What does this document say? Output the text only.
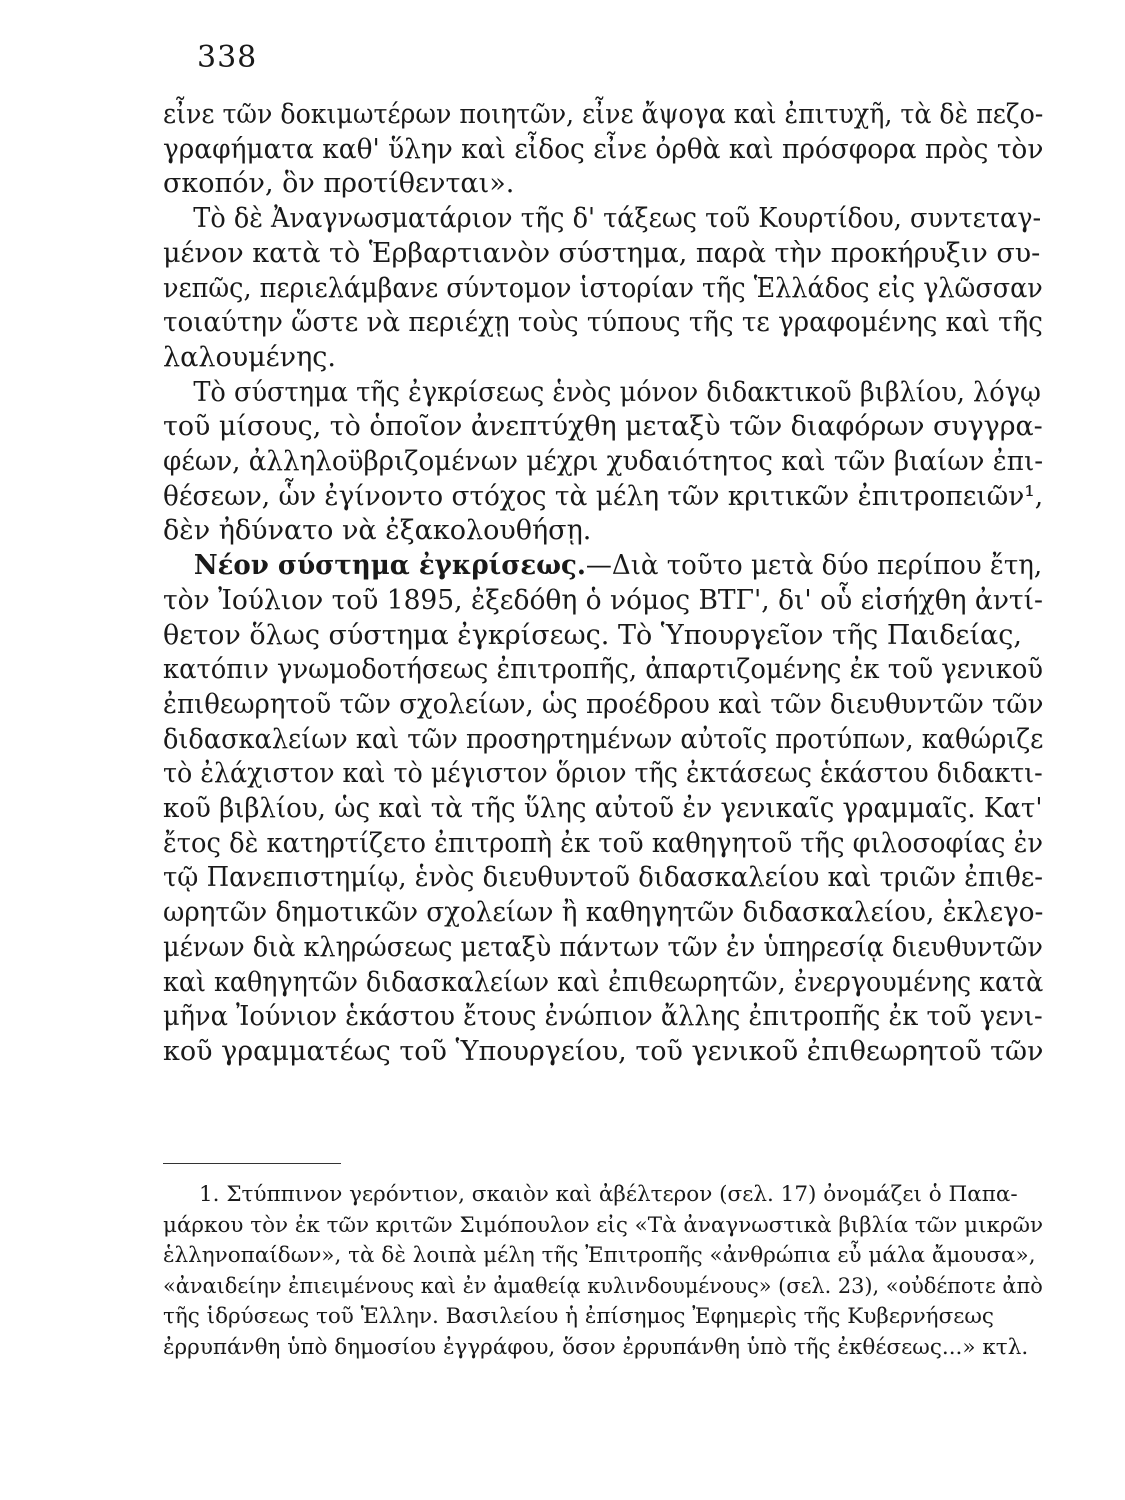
338
εἶνε τῶν δοκιμωτέρων ποιητῶν, εἶνε ἄψογα καὶ ἐπιτυχῆ, τὰ δὲ πεζο-
γραφήματα καθ' ὕλην καὶ εἶδος εἶνε ὀρθὰ καὶ πρόσφορα πρὸς τὸν
σκοπόν, ὃν προτίθενται».
Τὸ δὲ Ἀναγνωσματάριον τῆς δ' τάξεως τοῦ Κουρτίδου, συντεταγ-
μένον κατὰ τὸ Ἑρβαρτιανὸν σύστημα, παρὰ τὴν προκήρυξιν συ-
νεπῶς, περιελάμβανε σύντομον ἱστορίαν τῆς Ἑλλάδος εἰς γλῶσσαν
τοιαύτην ὥστε νὰ περιέχῃ τοὺς τύπους τῆς τε γραφομένης καὶ τῆς
λαλουμένης.
Τὸ σύστημα τῆς ἐγκρίσεως ἑνὸς μόνον διδακτικοῦ βιβλίου, λόγῳ
τοῦ μίσους, τὸ ὁποῖον ἀνεπτύχθη μεταξὺ τῶν διαφόρων συγγρα-
φέων, ἀλληλοϋβριζομένων μέχρι χυδαιότητος καὶ τῶν βιαίων ἐπι-
θέσεων, ὧν ἐγίνοντο στόχος τὰ μέλη τῶν κριτικῶν ἐπιτροπειῶν¹,
δὲν ἠδύνατο νὰ ἐξακολουθήσῃ.
Νέον σύστημα ἐγκρίσεως.—Διὰ τοῦτο μετὰ δύο περίπου ἔτη,
τὸν Ἰούλιον τοῦ 1895, ἐξεδόθη ὁ νόμος ΒΤΓ', δι' οὗ εἰσήχθη ἀντί-
θετον ὅλως σύστημα ἐγκρίσεως. Τὸ Ὑπουργεῖον τῆς Παιδείας,
κατόπιν γνωμοδοτήσεως ἐπιτροπῆς, ἀπαρτιζομένης ἐκ τοῦ γενικοῦ
ἐπιθεωρητοῦ τῶν σχολείων, ὡς προέδρου καὶ τῶν διευθυντῶν τῶν
διδασκαλείων καὶ τῶν προσηρτημένων αὐτοῖς προτύπων, καθώριζε
τὸ ἐλάχιστον καὶ τὸ μέγιστον ὅριον τῆς ἐκτάσεως ἑκάστου διδακτι-
κοῦ βιβλίου, ὡς καὶ τὰ τῆς ὕλης αὐτοῦ ἐν γενικαῖς γραμμαῖς. Κατ'
ἔτος δὲ κατηρτίζετο ἐπιτροπὴ ἐκ τοῦ καθηγητοῦ τῆς φιλοσοφίας ἐν
τῷ Πανεπιστημίῳ, ἑνὸς διευθυντοῦ διδασκαλείου καὶ τριῶν ἐπιθε-
ωρητῶν δημοτικῶν σχολείων ἢ καθηγητῶν διδασκαλείου, ἐκλεγο-
μένων διὰ κληρώσεως μεταξὺ πάντων τῶν ἐν ὑπηρεσίᾳ διευθυντῶν
καὶ καθηγητῶν διδασκαλείων καὶ ἐπιθεωρητῶν, ἐνεργουμένης κατὰ
μῆνα Ἰούνιον ἑκάστου ἔτους ἐνώπιον ἄλλης ἐπιτροπῆς ἐκ τοῦ γενι-
κοῦ γραμματέως τοῦ Ὑπουργείου, τοῦ γενικοῦ ἐπιθεωρητοῦ τῶν
1. Στύππινον γερόντιον, σκαιὸν καὶ ἀβέλτερον (σελ. 17) ὀνομάζει ὁ Παπα-
μάρκου τὸν ἐκ τῶν κριτῶν Σιμόπουλον εἰς «Τὰ ἀναγνωστικὰ βιβλία τῶν μικρῶν
ἑλληνοπαίδων», τὰ δὲ λοιπὰ μέλη τῆς Ἐπιτροπῆς «ἀνθρώπια εὖ μάλα ἄμουσα»,
«ἀναιδείην ἐπιειμένους καὶ ἐν ἀμαθείᾳ κυλινδουμένους» (σελ. 23), «οὐδέποτε ἀπὸ
τῆς ἱδρύσεως τοῦ Ἑλλην. Βασιλείου ἡ ἐπίσημος Ἐφημερὶς τῆς Κυβερνήσεως
ἐρρυπάνθη ὑπὸ δημοσίου ἐγγράφου, ὅσον ἐρρυπάνθη ὑπὸ τῆς ἐκθέσεως...» κτλ.
